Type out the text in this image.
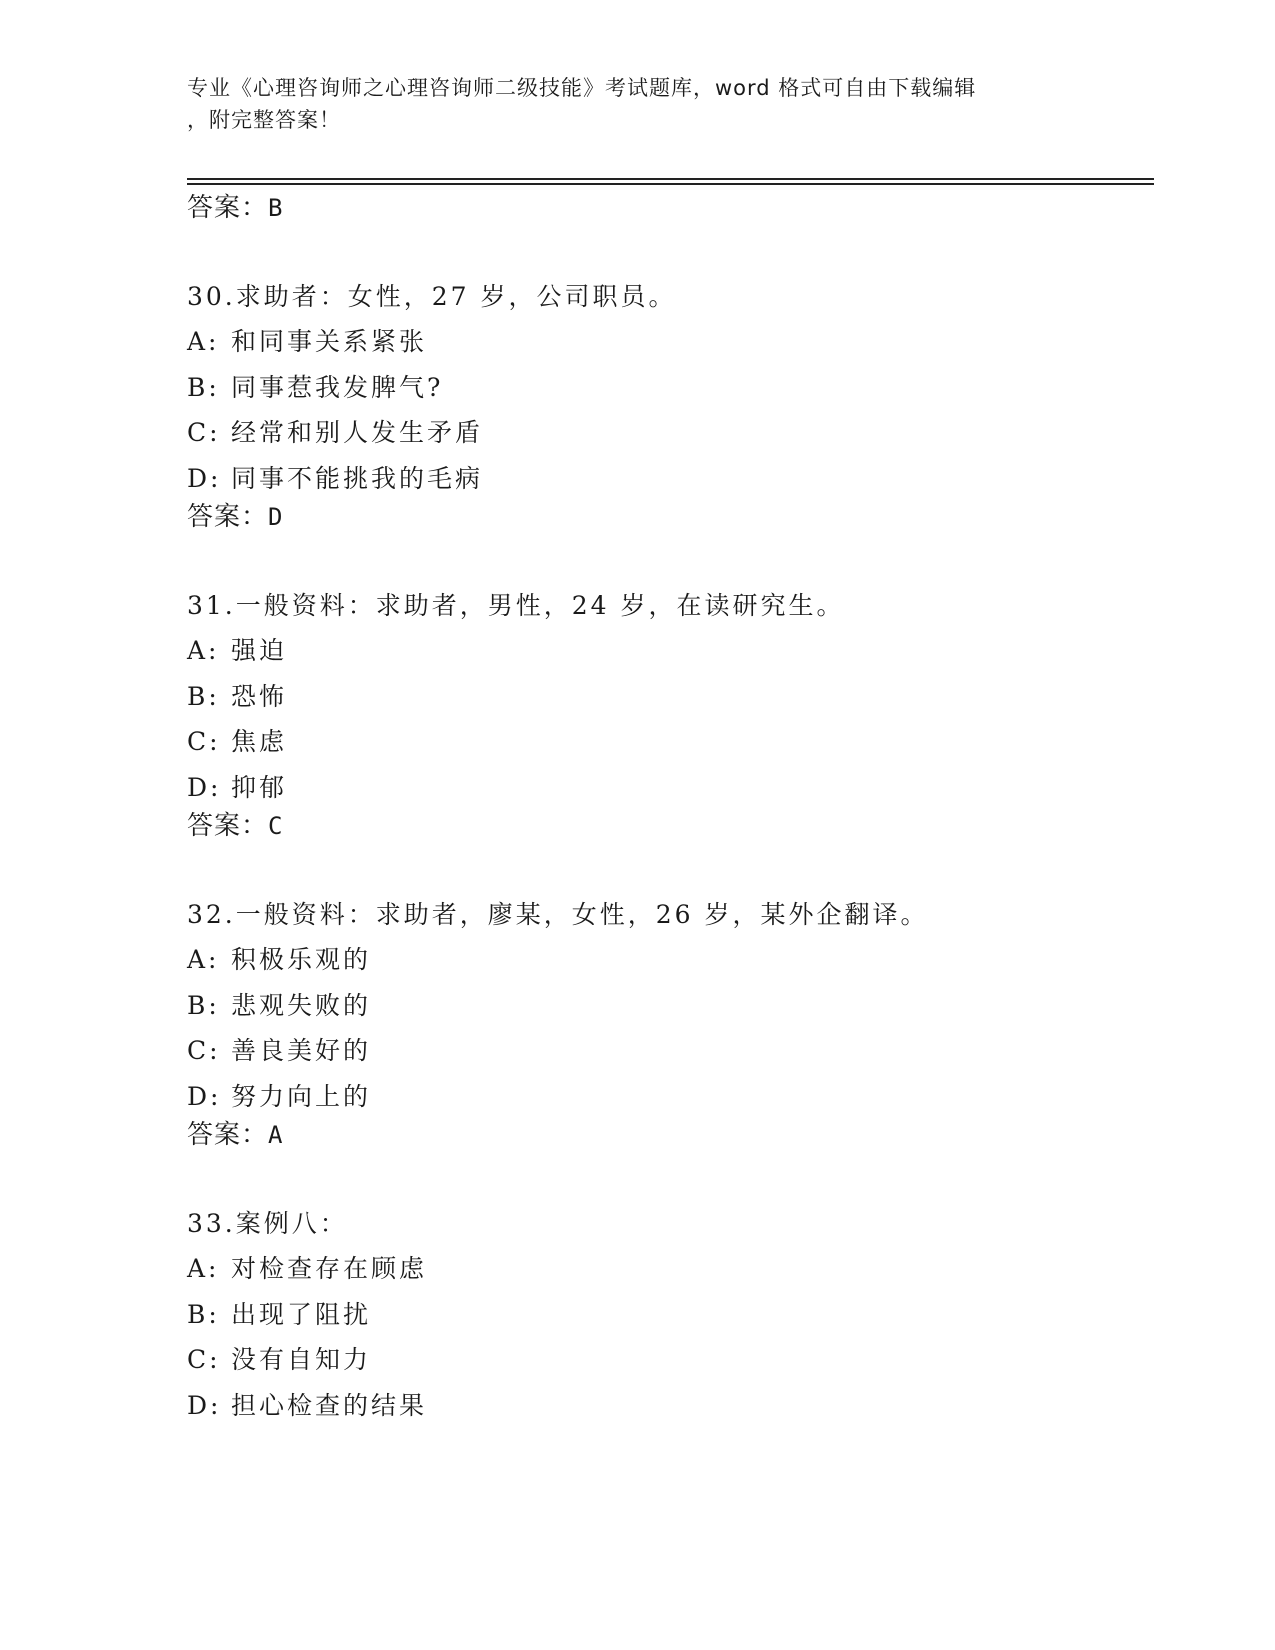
专业《心理咨询师之心理咨询师二级技能》考试题库，word 格式可自由下载编辑
，附完整答案！
答案：B
30.求助者：女性，27 岁，公司职员。
A: 和同事关系紧张
B: 同事惹我发脾气?
C: 经常和别人发生矛盾
D: 同事不能挑我的毛病
答案：D
31.一般资料：求助者，男性，24 岁，在读研究生。
A: 强迫
B: 恐怖
C: 焦虑
D: 抑郁
答案：C
32.一般资料：求助者，廖某，女性，26 岁，某外企翻译。
A: 积极乐观的
B: 悲观失败的
C: 善良美好的
D: 努力向上的
答案：A
33.案例八：
A: 对检查存在顾虑
B: 出现了阻扰
C: 没有自知力
D: 担心检查的结果
